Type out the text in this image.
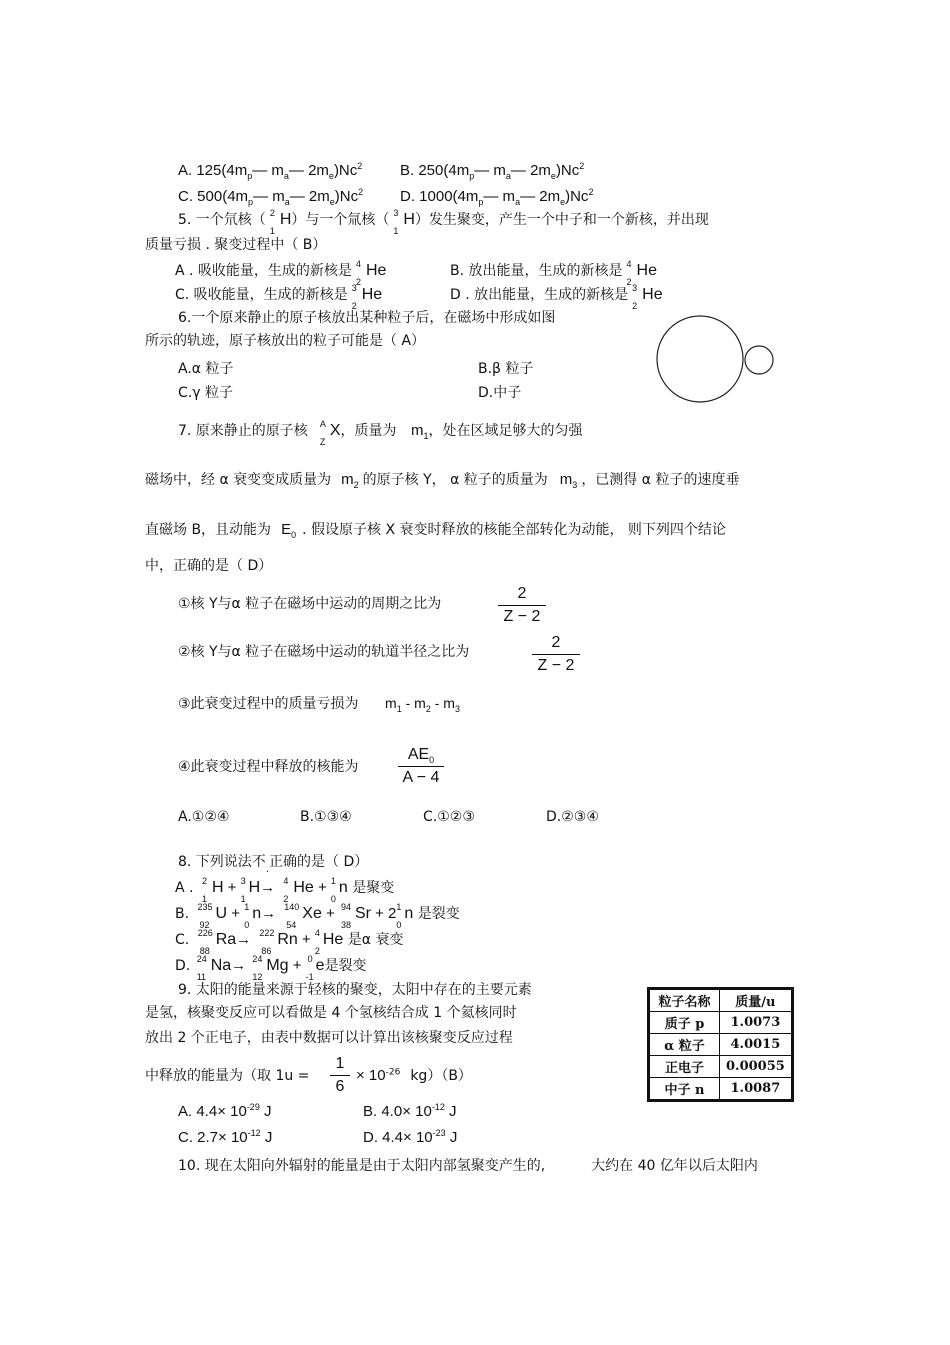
A. $125(4m_p—$ $m_a—$ $2m_e)Nc^2$	B. $250(4m_p—$ $m_a—$ $2m_e)Nc^2$
C. $500(4m_p—$ $m_a—$ $2m_e)Nc^2$ D. $1000(4m_p—$ $m_a—$ $2m_e)Nc^2$
5. 一个氘核（ 2
1
H）与一个氚核（ 3
1
H）发生聚变，产生一个中子和一个新核，并出现
质量亏损 . 聚变过程中（ B）
A . 吸收能量，生成的新核是 4
2
He	B. 放出能量，生成的新核是 4
2
He
C. 吸收能量，生成的新核是 3
2
He	D . 放出能量，生成的新核是 3
2
He
6.一个原来静止的原子核放出某种粒子后，在磁场中形成如图
所示的轨迹，原子核放出的粒子可能是（ A）
A.α 粒子	B.β 粒子
C.γ 粒子	D.中子
7. 原来静止的原子核 A
Z
X，质量为 $m_1$，处在区域足够大的匀强
磁场中，经 α 衰变变成质量为 $m_2$ 的原子核 Y， α 粒子的质量为 $m_3$ ，已测得 α 粒子的速度垂
直磁场 B，且动能为 $E_0$ . 假设原子核 X 衰变时释放的核能全部转化为动能， 则下列四个结论
中，正确的是（ D）
①核 Y与α 粒子在磁场中运动的周期之比为	$\frac{2}{Z - 2}$
②核 Y与α 粒子在磁场中运动的轨道半径之比为	$\frac{2}{Z - 2}$
③此衰变过程中的质量亏损为 $m_1 - m_2 - m_3$
④此衰变过程中释放的核能为 $\frac{AE_0}{A - 4}$
A.①②④	B.①③④	C.①②③	D.②③④
8. 下列说法不$_.$正确的是（ D）
A . 2
1
H + 3
1
H→ 4
2
He + 1
0
n 是聚变
B. 235
92
U + 1
0
n→ 140
54
Xe + 94
38
Sr + 2 1
0
n 是裂变
C. 226
88
Ra→ 222
86
Rn + 4
2
He 是α 衰变
D. 24
11
Na→ 24
12
Mg + 0
-1
e是裂变
9. 太阳的能量来源于轻核的聚变，太阳中存在的主要元素
是氢，核聚变反应可以看做是 4 个氢核结合成 1 个氦核同时
放出 2 个正电子，由表中数据可以计算出该核聚变反应过程
中释放的能量为（取 $1u = \frac{1}{6} \times 10^{-26}$ kg）（B）
A. $4.4\times 10^{-29}$ J	B. $4.0\times 10^{-12}$ J
C. $2.7\times 10^{-12}$ J	D. $4.4\times 10^{-23}$ J
粒子名称	质量/u
质子 p	1.0073
α 粒子	4.0015
正电子	0.00055
中子 n	1.0087
10. 现在太阳向外辐射的能量是由于太阳内部氢聚变产生的,	大约在 40 亿年以后太阳内
